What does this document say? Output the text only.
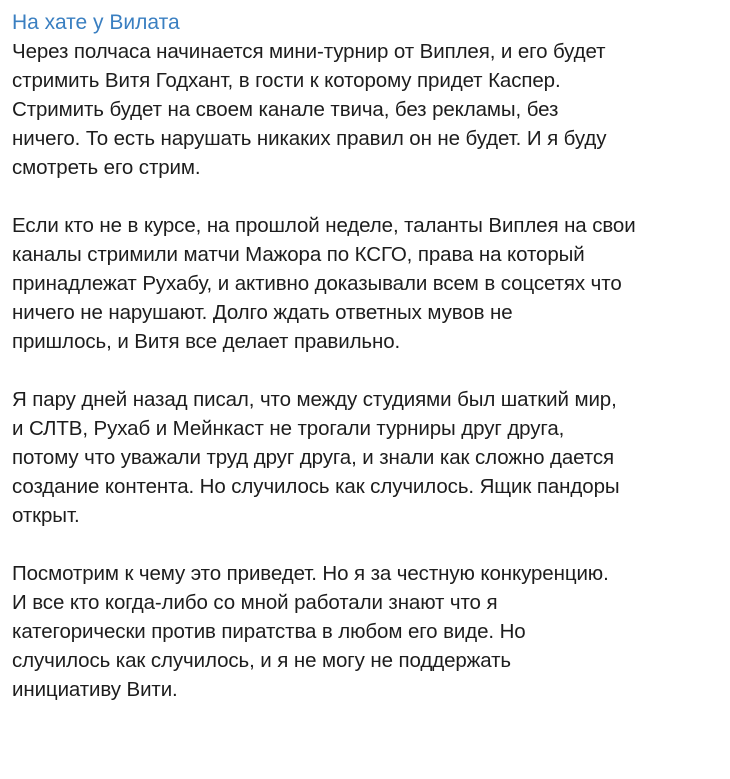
На хате у Вилата
Через полчаса начинается мини-турнир от Виплея, и его будет
стримить Витя Годхант, в гости к которому придет Каспер.
Стримить будет на своем канале твича, без рекламы, без
ничего. То есть нарушать никаких правил он не будет. И я буду
смотреть его стрим.
Если кто не в курсе, на прошлой неделе, таланты Виплея на свои
каналы стримили матчи Мажора по КСГО, права на который
принадлежат Рухабу, и активно доказывали всем в соцсетях что
ничего не нарушают. Долго ждать ответных мувов не
пришлось, и Витя все делает правильно.
Я пару дней назад писал, что между студиями был шаткий мир,
и СЛТВ, Рухаб и Мейнкаст не трогали турниры друг друга,
потому что уважали труд друг друга, и знали как сложно дается
создание контента. Но случилось как случилось. Ящик пандоры
открыт.
Посмотрим к чему это приведет. Но я за честную конкуренцию.
И все кто когда-либо со мной работали знают что я
категорически против пиратства в любом его виде. Но
случилось как случилось, и я не могу не поддержать
инициативу Вити.
